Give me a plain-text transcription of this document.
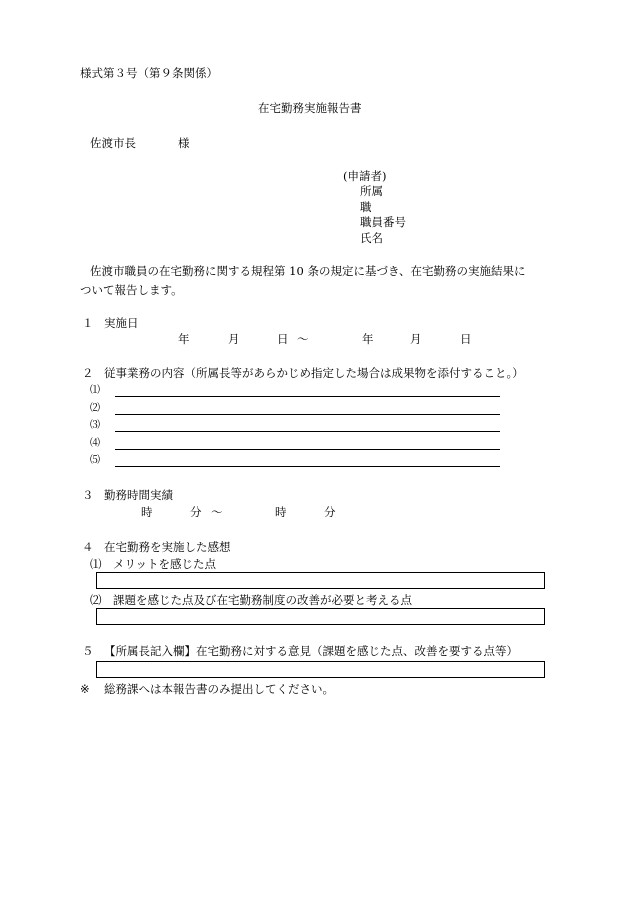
様式第３号（第９条関係）
在宅勤務実施報告書
佐渡市長	様
(申請者)
所属
職
職員番号
氏名
佐渡市職員の在宅勤務に関する規程第 10 条の規定に基づき、在宅勤務の実施結果に
ついて報告します。
１ 実施日
年	月	日 ～	年	月	日
２ 従事業務の内容（所属長等があらかじめ指定した場合は成果物を添付すること。）
⑴
⑵
⑶
⑷
⑸
３ 勤務時間実績
時	分 ～	時	分
４ 在宅勤務を実施した感想
⑴　メリットを感じた点
⑵　課題を感じた点及び在宅勤務制度の改善が必要と考える点
５ 【所属長記入欄】在宅勤務に対する意見（課題を感じた点、改善を要する点等）
※ 総務課へは本報告書のみ提出してください。
